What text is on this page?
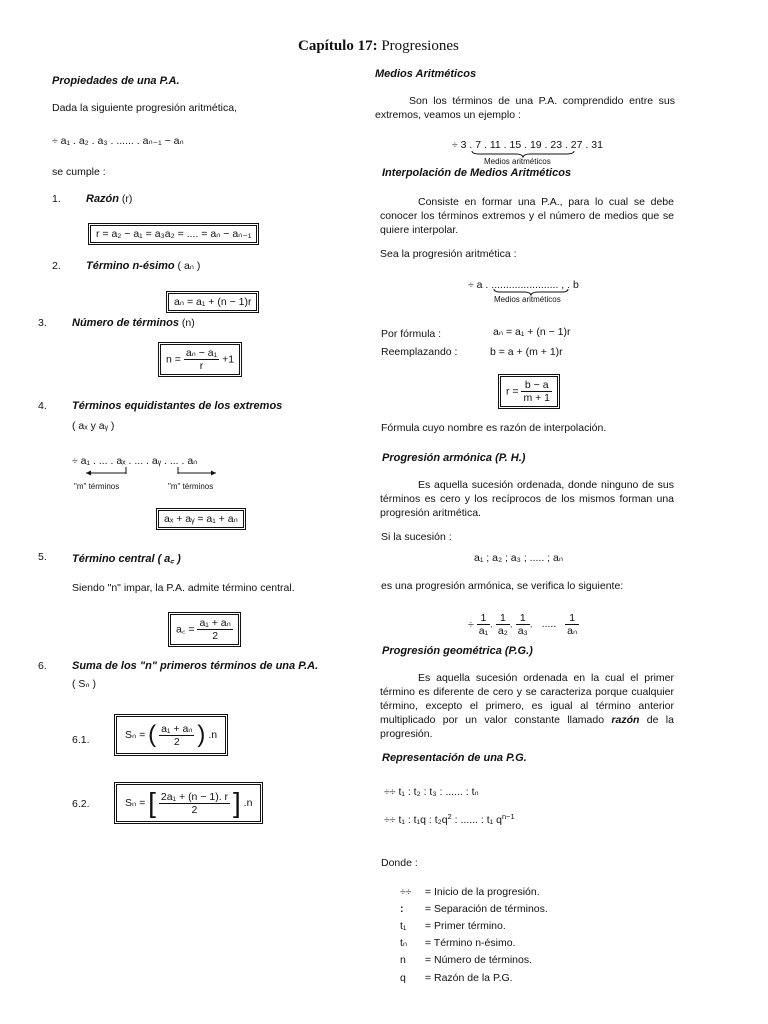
Capítulo 17: Progresiones
Propiedades de una P.A.
Dada la siguiente progresión aritmética,
÷ a₁ . a₂ . a₃ . ...... . aₙ₋₁ − aₙ
se cumple :
1. Razón (r)
r = a₂ − a₁ = a₃a₂ = .... = aₙ − aₙ₋₁
2. Término n-ésimo ( aₙ )
aₙ = a₁ + (n − 1)r
3. Número de términos (n)
$n = \frac{\text{aₙ − a₁}}{r} +1$
4. Términos equidistantes de los extremos
( aₓ y aᵧ )
÷ a₁ . ... . aₓ . ... . aᵧ . ... . aₙ
"m" términos	"m" términos
aₓ + aᵧ = a₁ + aₙ
5. Término central ( a꜀ )
Siendo "n" impar, la P.A. admite término central.
a꜀ = $\frac{\text{a₁ + aₙ}}{2}$
6. Suma de los "n" primeros términos de una P.A.
( Sₙ )
6.1.	Sₙ = ( $\frac{\text{a₁ + aₙ}}{2}$ ) .n
6.2.	Sₙ = [ $\frac{\text{2a₁ + (n − 1). r}}{2}$ ] .n
Medios Aritméticos
Son los términos de una P.A. comprendido entre sus extremos, veamos un ejemplo :
÷ 3 . 7 . 11 . 15 . 19 . 23 . 27 . 31
Medios aritméticos
Interpolación de Medios Aritméticos
Consiste en formar una P.A., para lo cual se debe conocer los términos extremos y el número de medios que se quiere interpolar.
Sea la progresión aritmética :
÷ a . ....................... , . b
Medios aritméticos
Por fórmula :	aₙ = a₁ + (n − 1)r
Reemplazando :	b = a + (m + 1)r
$r = \frac{b - a}{m + 1}$
Fórmula cuyo nombre es razón de interpolación.
Progresión armónica (P. H.)
Es aquella sucesión ordenada, donde ninguno de sus términos es cero y los recíprocos de los mismos forman una progresión aritmética.
Si la sucesión :
a₁ ; a₂ ; a₃ ; ..... ; aₙ
es una progresión armónica, se verifica lo siguiente:
÷ $\frac{1}{\text{a₁}}$ . $\frac{1}{\text{a₂}}$ . $\frac{1}{\text{a₃}}$ . ..... $\frac{1}{\text{aₙ}}$
Progresión geométrica (P.G.)
Es aquella sucesión ordenada en la cual el primer término es diferente de cero y se caracteriza porque cualquier término, excepto el primero, es igual al término anterior multiplicado por un valor constante llamado razón de la progresión.
Representación de una P.G.
÷÷ t₁ : t₂ : t₃ : ...... : tₙ
÷÷ t₁ : t₁q : $t_2q^2$ : ...... : t₁ $q^{n-1}$
Donde :
÷÷ = Inicio de la progresión.
: = Separación de términos.
t₁ = Primer término.
tₙ = Término n-ésimo.
n = Número de términos.
q = Razón de la P.G.
